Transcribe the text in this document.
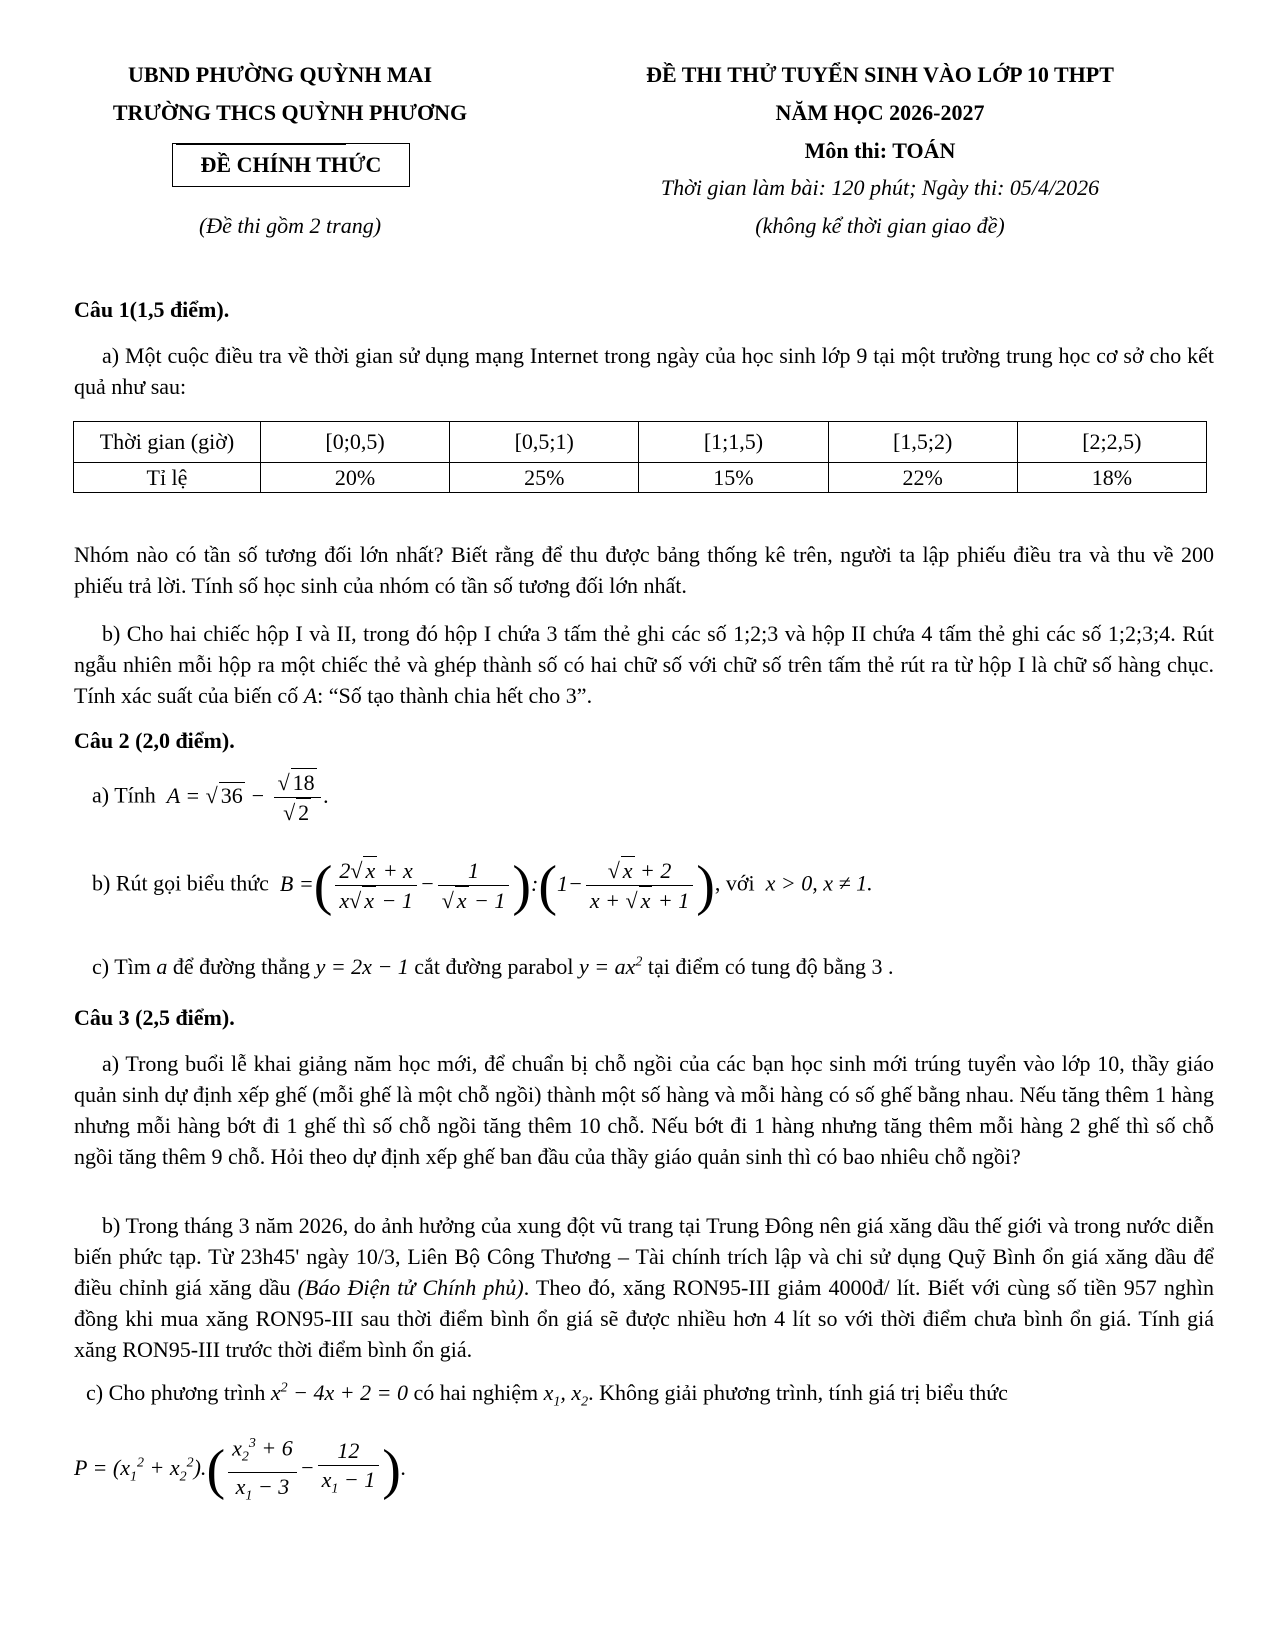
UBND PHƯỜNG QUỲNH MAI
TRƯỜNG THCS QUỲNH PHƯƠNG
ĐỀ CHÍNH THỨC
(Đề thi gồm 2 trang)
ĐỀ THI THỬ TUYỂN SINH VÀO LỚP 10 THPT
NĂM HỌC 2026-2027
Môn thi: TOÁN
Thời gian làm bài: 120 phút; Ngày thi: 05/4/2026
(không kể thời gian giao đề)
Câu 1(1,5 điểm).
a) Một cuộc điều tra về thời gian sử dụng mạng Internet trong ngày của học sinh lớp 9 tại một trường trung học cơ sở cho kết quả như sau:
Thời gian (giờ)	[0;0,5)	[0,5;1)	[1;1,5)	[1,5;2)	[2;2,5)
Tỉ lệ	20%	25%	15%	22%	18%
Nhóm nào có tần số tương đối lớn nhất? Biết rằng để thu được bảng thống kê trên, người ta lập phiếu điều tra và thu về 200 phiếu trả lời. Tính số học sinh của nhóm có tần số tương đối lớn nhất.
b) Cho hai chiếc hộp I và II, trong đó hộp I chứa 3 tấm thẻ ghi các số 1;2;3 và hộp II chứa 4 tấm thẻ ghi các số 1;2;3;4. Rút ngẫu nhiên mỗi hộp ra một chiếc thẻ và ghép thành số có hai chữ số với chữ số trên tấm thẻ rút ra từ hộp I là chữ số hàng chục. Tính xác suất của biến cố A: “Số tạo thành chia hết cho 3”.
Câu 2 (2,0 điểm).
a) Tính  A = √ $36 - \frac{√ 18}{√ 2}$ .
b) Rút gọi biểu thức  B =( $\frac{2√ x + x}{x√ x - 1} - \frac{1}{√ x - 1}$ ):(1− $\frac{√ x + 2}{x + √ x + 1}$ ), với  x > 0, x ≠ 1.
c) Tìm a để đường thẳng y = 2x − 1 cắt đường parabol $y = ax^2$ tại điểm có tung độ bằng 3 .
Câu 3 (2,5 điểm).
a) Trong buổi lễ khai giảng năm học mới, để chuẩn bị chỗ ngồi của các bạn học sinh mới trúng tuyển vào lớp 10, thầy giáo quản sinh dự định xếp ghế (mỗi ghế là một chỗ ngồi) thành một số hàng và mỗi hàng có số ghế bằng nhau. Nếu tăng thêm 1 hàng nhưng mỗi hàng bớt đi 1 ghế thì số chỗ ngồi tăng thêm 10 chỗ. Nếu bớt đi 1 hàng nhưng tăng thêm mỗi hàng 2 ghế thì số chỗ ngồi tăng thêm 9 chỗ. Hỏi theo dự định xếp ghế ban đầu của thầy giáo quản sinh thì có bao nhiêu chỗ ngồi?
b) Trong tháng 3 năm 2026, do ảnh hưởng của xung đột vũ trang tại Trung Đông nên giá xăng dầu thế giới và trong nước diễn biến phức tạp. Từ 23h45' ngày 10/3, Liên Bộ Công Thương – Tài chính trích lập và chi sử dụng Quỹ Bình ổn giá xăng dầu để điều chỉnh giá xăng dầu (Báo Điện tử Chính phủ). Theo đó, xăng RON95-III giảm 4000đ/ lít. Biết với cùng số tiền 957 nghìn đồng khi mua xăng RON95-III sau thời điểm bình ổn giá sẽ được nhiều hơn 4 lít so với thời điểm chưa bình ổn giá. Tính giá xăng RON95-III trước thời điểm bình ổn giá.
c) Cho phương trình $x^2 - 4x + 2 = 0$ có hai nghiệm $x_1$, $x_2$. Không giải phương trình, tính giá trị biểu thức
$P = (x_1^2 + x_2^2).( \frac{x_2^3 + 6}{x_1 - 3} - \frac{12}{x_1 - 1}$ ).
